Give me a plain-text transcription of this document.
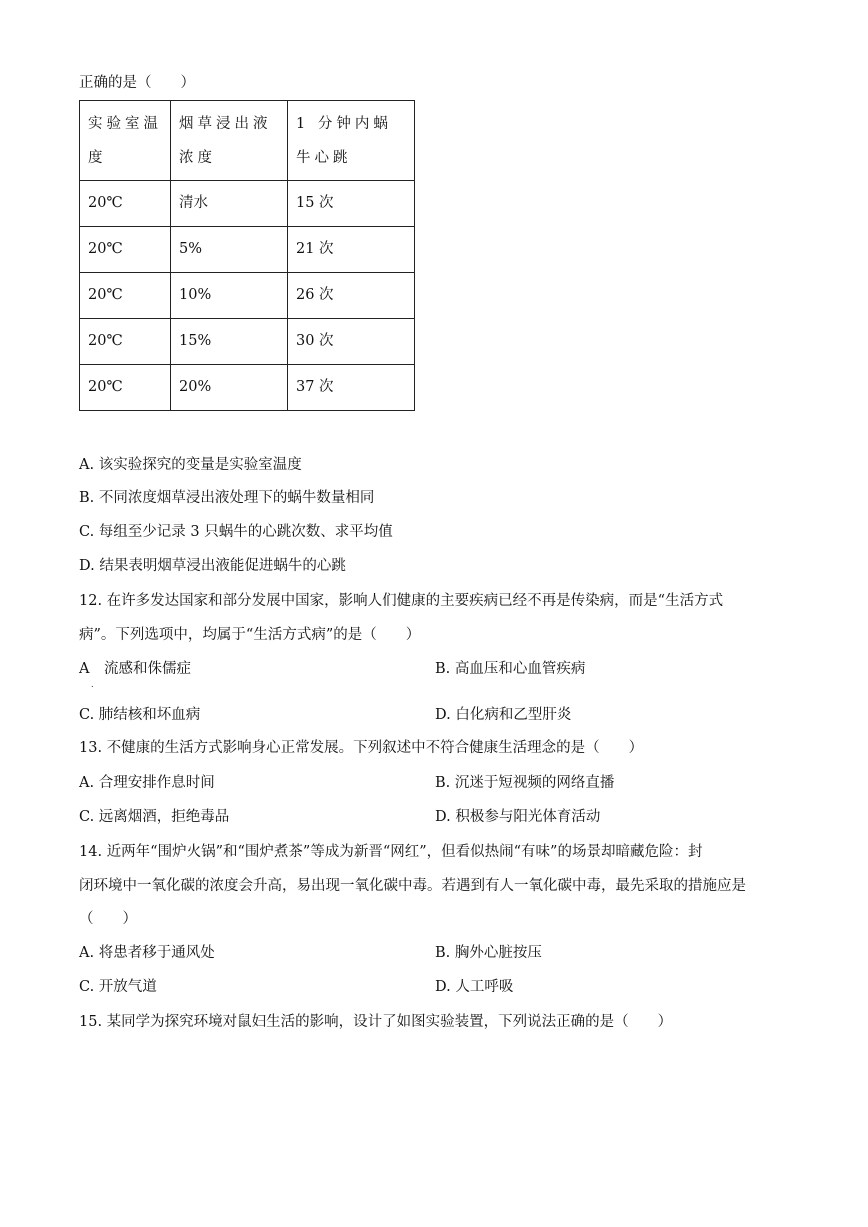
正确的是（　　）
实验室温度	烟草浸出液浓度	1 分钟内蜗牛心跳
20℃	清水	15 次
20℃	5%	21 次
20℃	10%	26 次
20℃	15%	30 次
20℃	20%	37 次
A. 该实验探究的变量是实验室温度
B. 不同浓度烟草浸出液处理下的蜗牛数量相同
C. 每组至少记录 3 只蜗牛的心跳次数、求平均值
D. 结果表明烟草浸出液能促进蜗牛的心跳
12. 在许多发达国家和部分发展中国家，影响人们健康的主要疾病已经不再是传染病，而是“生活方式
病”。下列选项中，均属于“生活方式病”的是（　　）
A　流感和侏儒症
.
B. 高血压和心血管疾病
C. 肺结核和坏血病	D. 白化病和乙型肝炎
13. 不健康的生活方式影响身心正常发展。下列叙述中不符合健康生活理念的是（　　）
A. 合理安排作息时间	B. 沉迷于短视频的网络直播
C. 远离烟酒，拒绝毒品	D. 积极参与阳光体育活动
14. 近两年“围炉火锅”和“围炉煮茶”等成为新晋“网红”，但看似热闹“有味”的场景却暗藏危险：封
闭环境中一氧化碳的浓度会升高，易出现一氧化碳中毒。若遇到有人一氧化碳中毒，最先采取的措施应是
（　　）
A. 将患者移于通风处	B. 胸外心脏按压
C. 开放气道	D. 人工呼吸
15. 某同学为探究环境对鼠妇生活的影响，设计了如图实验装置，下列说法正确的是（　　）
